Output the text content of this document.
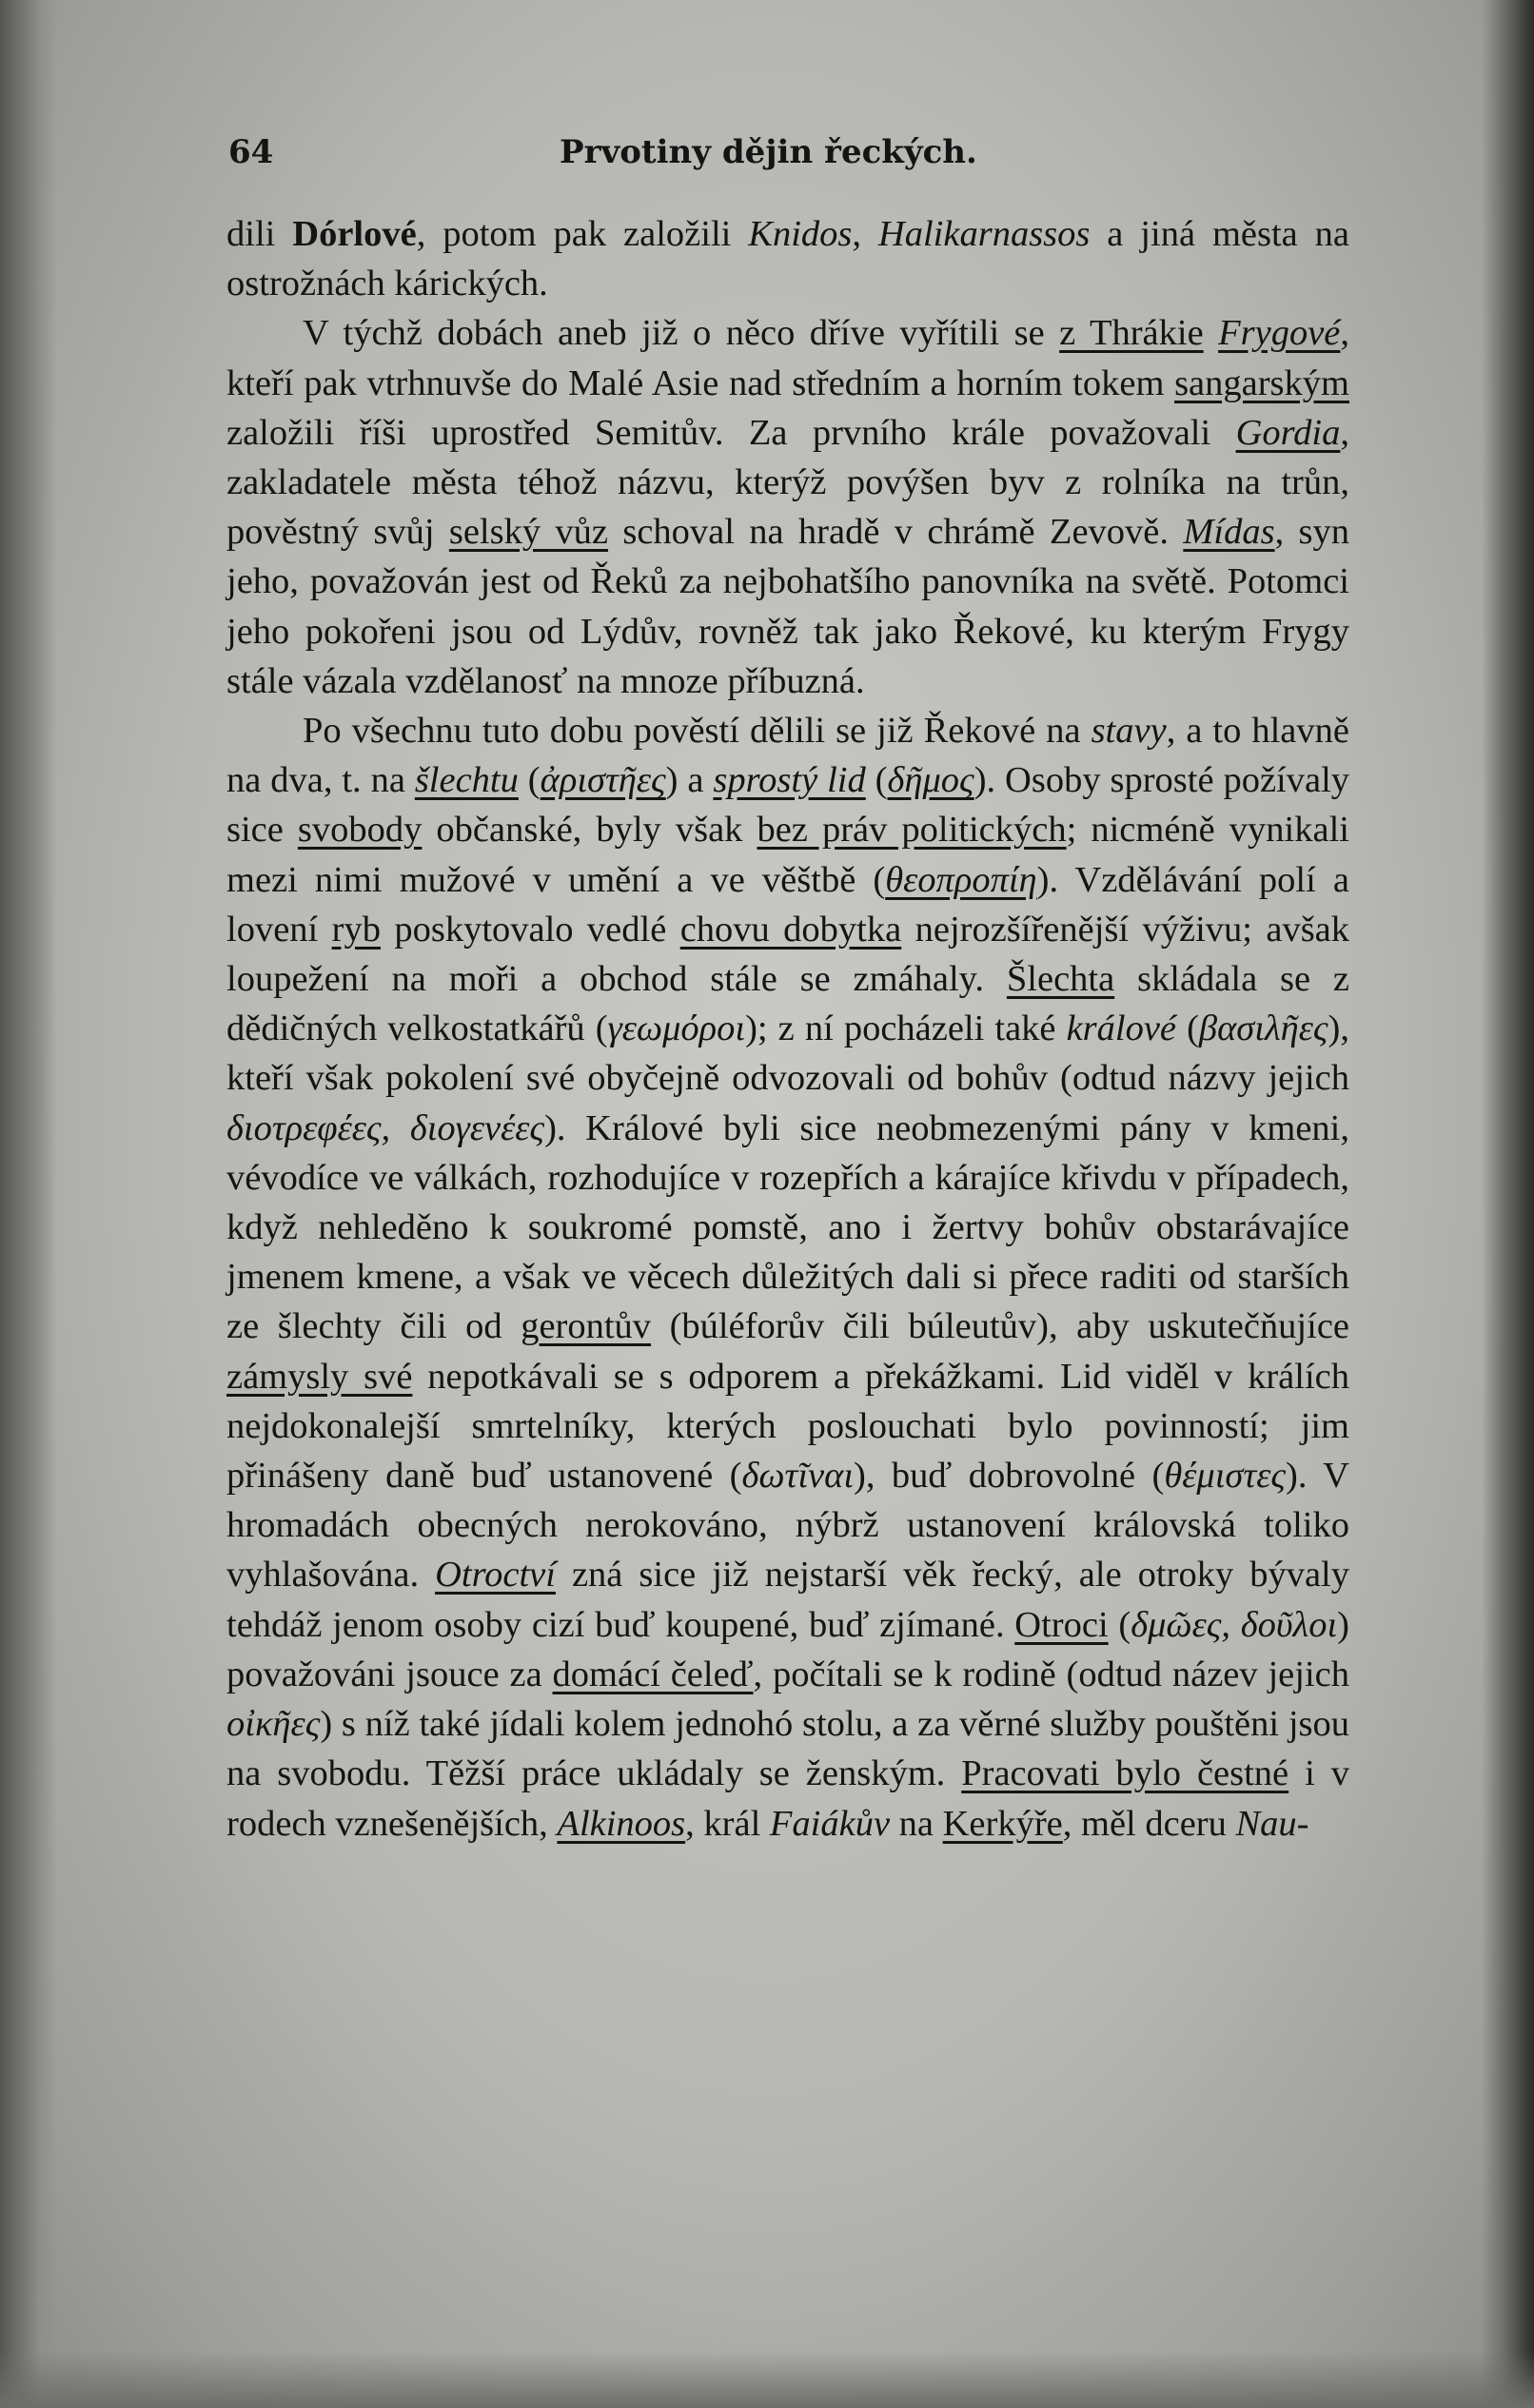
64	Prvotiny dějin řeckých.

dili Dórlové, potom pak založili Knidos, Halikarnassos a jiná města na ostrožnách kárických.

V týchž dobách aneb již o něco dříve vyřítili se z Thrákie Frygové, kteří pak vtrhnuvše do Malé Asie nad středním a horním tokem sangarským založili říši uprostřed Semitův. Za prvního krále považovali Gordia, zakladatele města téhož názvu, kterýž povýšen byv z rolníka na trůn, pověstný svůj selský vůz schoval na hradě v chrámě Zevově. Mídas, syn jeho, považován jest od Řeků za nejbohatšího panovníka na světě. Potomci jeho pokořeni jsou od Lýdův, rovněž tak jako Řekové, ku kterým Frygy stále vázala vzdělanosť na mnoze příbuzná.

Po všechnu tuto dobu pověstí dělili se již Řekové na stavy, a to hlavně na dva, t. na šlechtu (ἀριστῆες) a sprostý lid (δῆμος). Osoby sprosté požívaly sice svobody občanské, byly však bez práv politických; nicméně vynikali mezi nimi mužové v umění a ve věštbě (θεοπροπίη). Vzdělávání polí a lovení ryb poskytovalo vedlé chovu dobytka nejrozšířenější výživu; avšak loupežení na moři a obchod stále se zmáhaly. Šlechta skládala se z dědičných velkostatkářů (γεωμόροι); z ní pocházeli také králové (βασιλῆες), kteří však pokolení své obyčejně odvozovali od bohův (odtud názvy jejich διοτρεφέες, διογενέες). Králové byli sice neobmezenými pány v kmeni, vévodíce ve válkách, rozhodujíce v rozepřích a kárajíce křivdu v případech, když nehleděno k soukromé pomstě, ano i žertvy bohův obstarávajíce jmenem kmene, a však ve věcech důležitých dali si přece raditi od starších ze šlechty čili od gerontův (búléforův čili búleutův), aby uskutečňujíce zámysly své nepotkávali se s odporem a překážkami. Lid viděl v králích nejdokonalejší smrtelníky, kterých poslouchati bylo povinností; jim přinášeny daně buď ustanovené (δωτῖναι), buď dobrovolné (θέμιστες). V hromadách obecných nerokováno, nýbrž ustanovení královská toliko vyhlašována. Otroctví zná sice již nejstarší věk řecký, ale otroky bývaly tehdáž jenom osoby cizí buď koupené, buď zjímané. Otroci (δμῶες, δοῦλοι) považováni jsouce za domácí čeleď, počítali se k rodině (odtud název jejich οἰκῆες) s níž také jídali kolem jednohó stolu, a za věrné služby pouštěni jsou na svobodu. Těžší práce ukládaly se ženským. Pracovati bylo čestné i v rodech vznešenějších, Alkinoos, král Faiákův na Kerkýře, měl dceru Nau-
